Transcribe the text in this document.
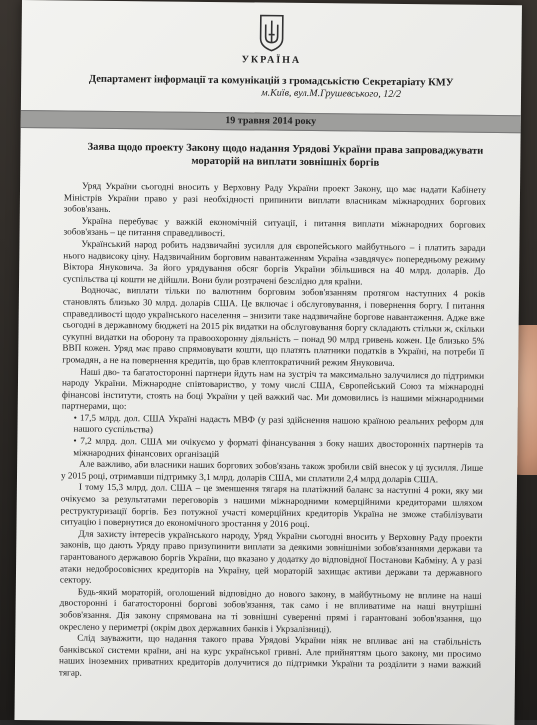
УКРАЇНА
Департамент інформації та комунікацій з громадськістю Секретаріату КМУ
м.Київ, вул.М.Грушевського, 12/2
19 травня 2014 року
Заява щодо проекту Закону щодо надання Урядові України права запроваджувати мораторій на виплати зовнішніх боргів

Уряд України сьогодні вносить у Верховну Раду України проект Закону, що має надати Кабінету Міністрів України право у разі необхідності припинити виплати власникам міжнародних боргових зобов'язань.

Україна перебуває у важкій економічній ситуації, і питання виплати міжнародних боргових зобов'язань – це питання справедливості.

Український народ робить надзвичайні зусилля для європейського майбутнього – і платить заради нього надвисоку ціну. Надзвичайним борговим навантаженням Україна «завдячує» попередньому режиму Віктора Януковича. За його урядування обсяг боргів України збільшився на 40 млрд. доларів. До суспільства ці кошти не дійшли. Вони були розтрачені безслідно для країни.

Водночас, виплати тільки по валютним борговим зобов'язанням протягом наступних 4 років становлять близько 30 млрд. доларів США. Це включає і обслуговування, і повернення боргу. І питання справедливості щодо українського населення – знизити таке надзвичайне боргове навантаження. Адже вже сьогодні в державному бюджеті на 2015 рік видатки на обслуговування боргу складають стільки ж, скільки сукупні видатки на оборону та правоохоронну діяльність – понад 90 млрд гривень кожен. Це близько 5% ВВП кожен. Уряд має право спрямовувати кошти, що платять платники податків в Україні, на потреби її громадян, а не на повернення кредитів, що брав клептократичний режим Януковича.

Наші дво- та багатосторонні партнери йдуть нам на зустріч та максимально залучилися до підтримки народу України. Міжнародне співтовариство, у тому числі США, Європейський Союз та міжнародні фінансові інститути, стоять на боці України у цей важкий час. Ми домовились із нашими міжнародними партнерами, що:

• 17,5 млрд. дол. США Україні надасть МВФ (у разі здійснення нашою країною реальних реформ для нашого суспільства)

• 7,2 млрд. дол. США ми очікуємо у форматі фінансування з боку наших двосторонніх партнерів та міжнародних фінансових організацій

Але важливо, аби власники наших боргових зобов'язань також зробили свій внесок у ці зусилля. Лише у 2015 році, отримавши підтримку 3,1 млрд. доларів США, ми сплатили 2,4 млрд доларів США.

І тому 15,3 млрд. дол. США – це зменшення тягаря на платіжний баланс за наступні 4 роки, яку ми очікуємо за результатами переговорів з нашими міжнародними комерційними кредиторами шляхом реструктуризації боргів. Без потужної участі комерційних кредиторів Україна не зможе стабілізувати ситуацію і повернутися до економічного зростання у 2016 році.

Для захисту інтересів українського народу, Уряд України сьогодні вносить у Верховну Раду проекти законів, що дають Уряду право призупинити виплати за деякими зовнішніми зобов'язаннями держави та гарантованого державою боргів України, що вказано у додатку до відповідної Постанови Кабміну. А у разі атаки недобросовісних кредиторів на Україну, цей мораторій захищає активи держави та державного сектору.

Будь-який мораторій, оголошений відповідно до нового закону, в майбутньому не вплине на наші двосторонні і багатосторонні боргові зобов'язання, так само і не впливатиме на наші внутрішні зобов'язання. Дія закону спрямована на ті зовнішні суверенні прямі і гарантовані зобов'язання, що окреслено у периметрі (окрім двох державних банків і Укрзалізниці).

Слід зауважити, що надання такого права Урядові України ніяк не впливає ані на стабільність банківської системи країни, ані на курс української гривні. Але прийняттям цього закону, ми просимо наших іноземних приватних кредиторів долучитися до підтримки України та розділити з нами важкий тягар.
